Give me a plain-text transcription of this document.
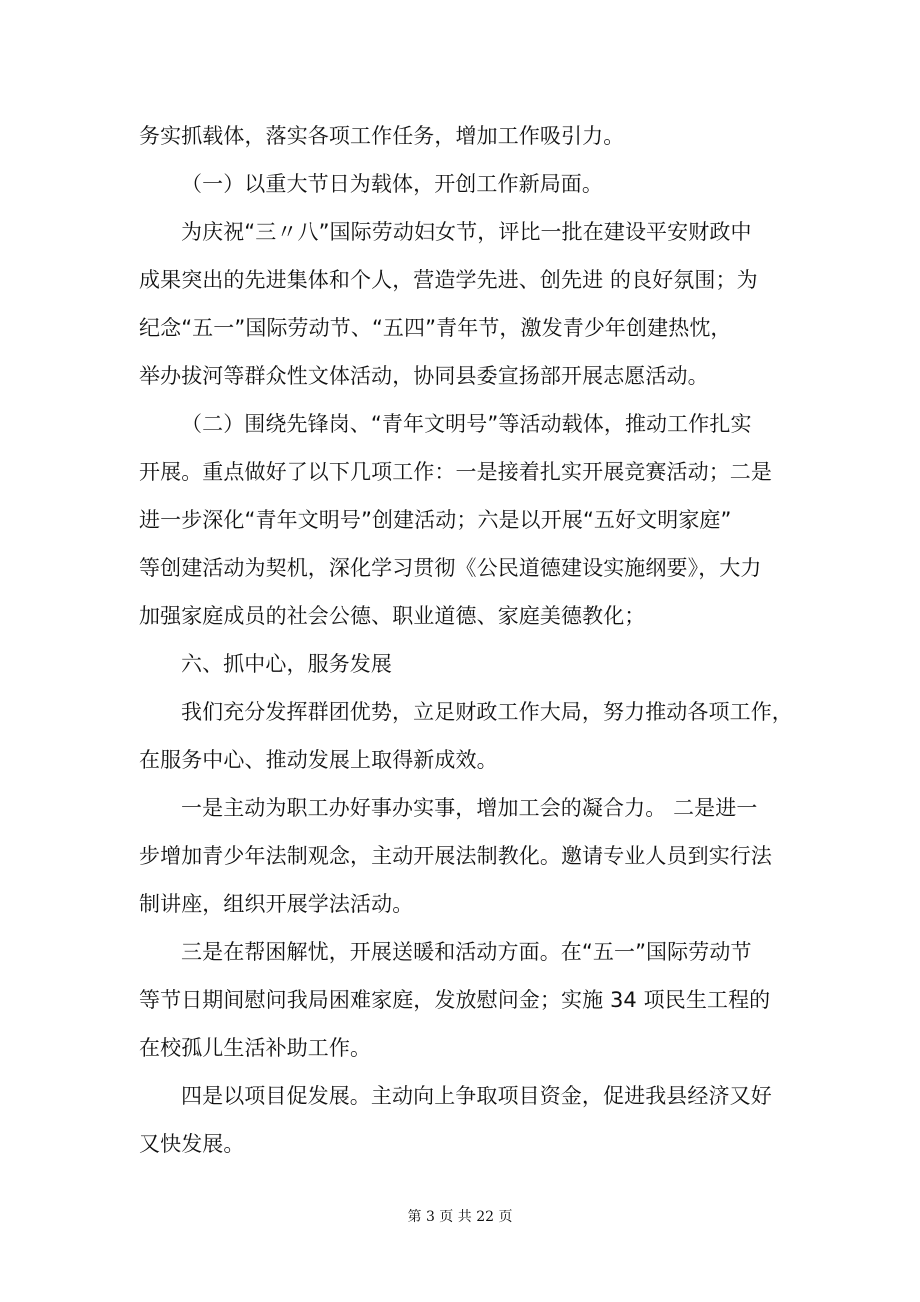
务实抓载体，落实各项工作任务，增加工作吸引力。
（一）以重大节日为载体，开创工作新局面。
为庆祝“三〃八”国际劳动妇女节，评比一批在建设平安财政中
成果突出的先进集体和个人，营造学先进、创先进 的良好氛围；为
纪念“五一”国际劳动节、“五四”青年节，激发青少年创建热忱，
举办拔河等群众性文体活动，协同县委宣扬部开展志愿活动。
（二）围绕先锋岗、“青年文明号”等活动载体，推动工作扎实
开展。重点做好了以下几项工作：一是接着扎实开展竞赛活动；二是
进一步深化“青年文明号”创建活动；六是以开展“五好文明家庭”
等创建活动为契机，深化学习贯彻《公民道德建设实施纲要》，大力
加强家庭成员的社会公德、职业道德、家庭美德教化；
六、抓中心，服务发展
我们充分发挥群团优势，立足财政工作大局，努力推动各项工作，
在服务中心、推动发展上取得新成效。
一是主动为职工办好事办实事，增加工会的凝合力。 二是进一
步增加青少年法制观念，主动开展法制教化。邀请专业人员到实行法
制讲座，组织开展学法活动。
三是在帮困解忧，开展送暖和活动方面。在“五一”国际劳动节
等节日期间慰问我局困难家庭，发放慰问金；实施 34 项民生工程的
在校孤儿生活补助工作。
四是以项目促发展。主动向上争取项目资金，促进我县经济又好
又快发展。
第 3 页 共 22 页
